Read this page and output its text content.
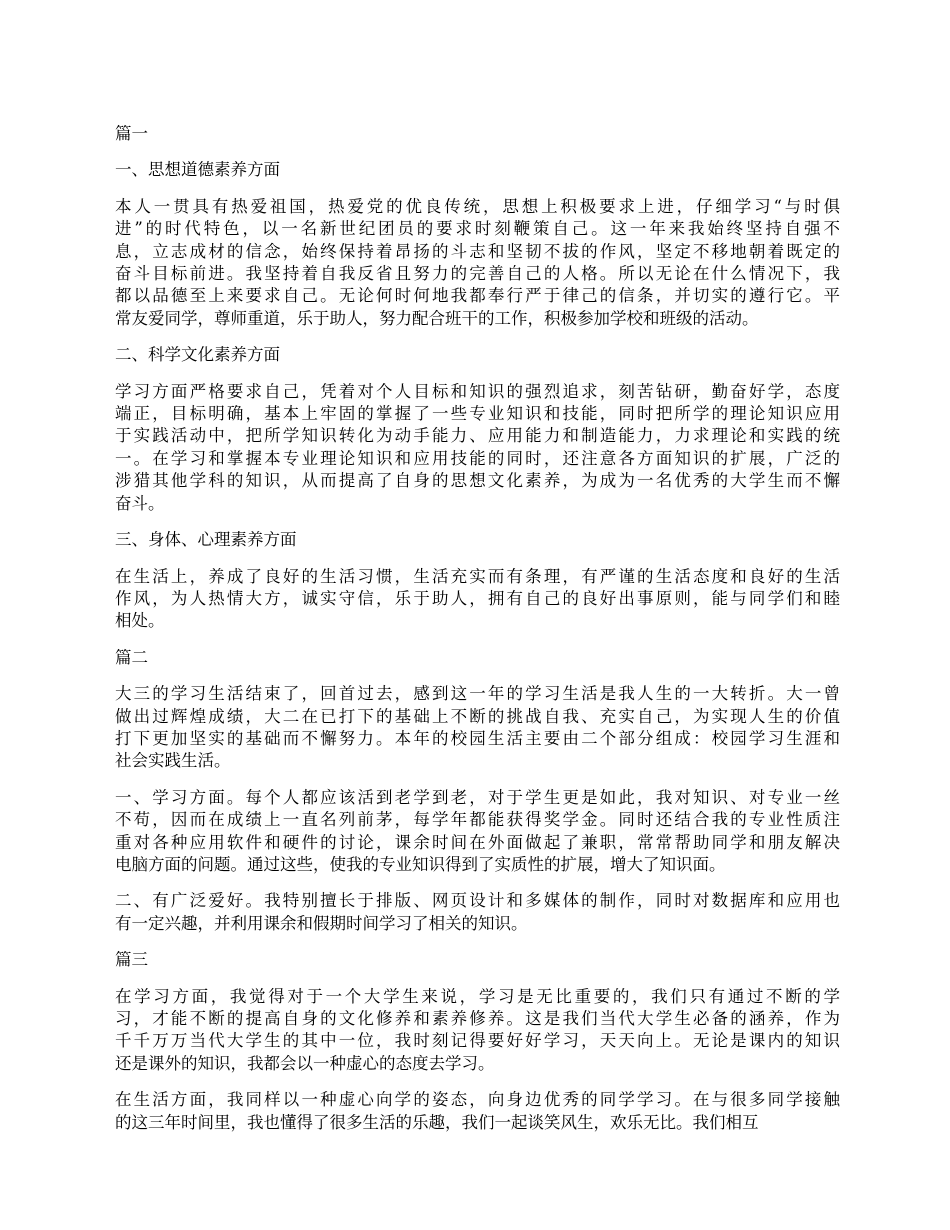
篇一
一、思想道德素养方面
本人一贯具有热爱祖国，热爱党的优良传统，思想上积极要求上进，仔细学习“与时俱
进”的时代特色，以一名新世纪团员的要求时刻鞭策自己。这一年来我始终坚持自强不
息，立志成材的信念，始终保持着昂扬的斗志和坚韧不拔的作风，坚定不移地朝着既定的
奋斗目标前进。我坚持着自我反省且努力的完善自己的人格。所以无论在什么情况下，我
都以品德至上来要求自己。无论何时何地我都奉行严于律己的信条，并切实的遵行它。平
常友爱同学，尊师重道，乐于助人，努力配合班干的工作，积极参加学校和班级的活动。
二、科学文化素养方面
学习方面严格要求自己，凭着对个人目标和知识的强烈追求，刻苦钻研，勤奋好学，态度
端正，目标明确，基本上牢固的掌握了一些专业知识和技能，同时把所学的理论知识应用
于实践活动中，把所学知识转化为动手能力、应用能力和制造能力，力求理论和实践的统
一。在学习和掌握本专业理论知识和应用技能的同时，还注意各方面知识的扩展，广泛的
涉猎其他学科的知识，从而提高了自身的思想文化素养，为成为一名优秀的大学生而不懈
奋斗。
三、身体、心理素养方面
在生活上，养成了良好的生活习惯，生活充实而有条理，有严谨的生活态度和良好的生活
作风，为人热情大方，诚实守信，乐于助人，拥有自己的良好出事原则，能与同学们和睦
相处。
篇二
大三的学习生活结束了，回首过去，感到这一年的学习生活是我人生的一大转折。大一曾
做出过辉煌成绩，大二在已打下的基础上不断的挑战自我、充实自己，为实现人生的价值
打下更加坚实的基础而不懈努力。本年的校园生活主要由二个部分组成：校园学习生涯和
社会实践生活。
一、学习方面。每个人都应该活到老学到老，对于学生更是如此，我对知识、对专业一丝
不苟，因而在成绩上一直名列前茅，每学年都能获得奖学金。同时还结合我的专业性质注
重对各种应用软件和硬件的讨论，课余时间在外面做起了兼职，常常帮助同学和朋友解决
电脑方面的问题。通过这些，使我的专业知识得到了实质性的扩展，增大了知识面。
二、有广泛爱好。我特别擅长于排版、网页设计和多媒体的制作，同时对数据库和应用也
有一定兴趣，并利用课余和假期时间学习了相关的知识。
篇三
在学习方面，我觉得对于一个大学生来说，学习是无比重要的，我们只有通过不断的学
习，才能不断的提高自身的文化修养和素养修养。这是我们当代大学生必备的涵养，作为
千千万万当代大学生的其中一位，我时刻记得要好好学习，天天向上。无论是课内的知识
还是课外的知识，我都会以一种虚心的态度去学习。
在生活方面，我同样以一种虚心向学的姿态，向身边优秀的同学学习。在与很多同学接触
的这三年时间里，我也懂得了很多生活的乐趣，我们一起谈笑风生，欢乐无比。我们相互
